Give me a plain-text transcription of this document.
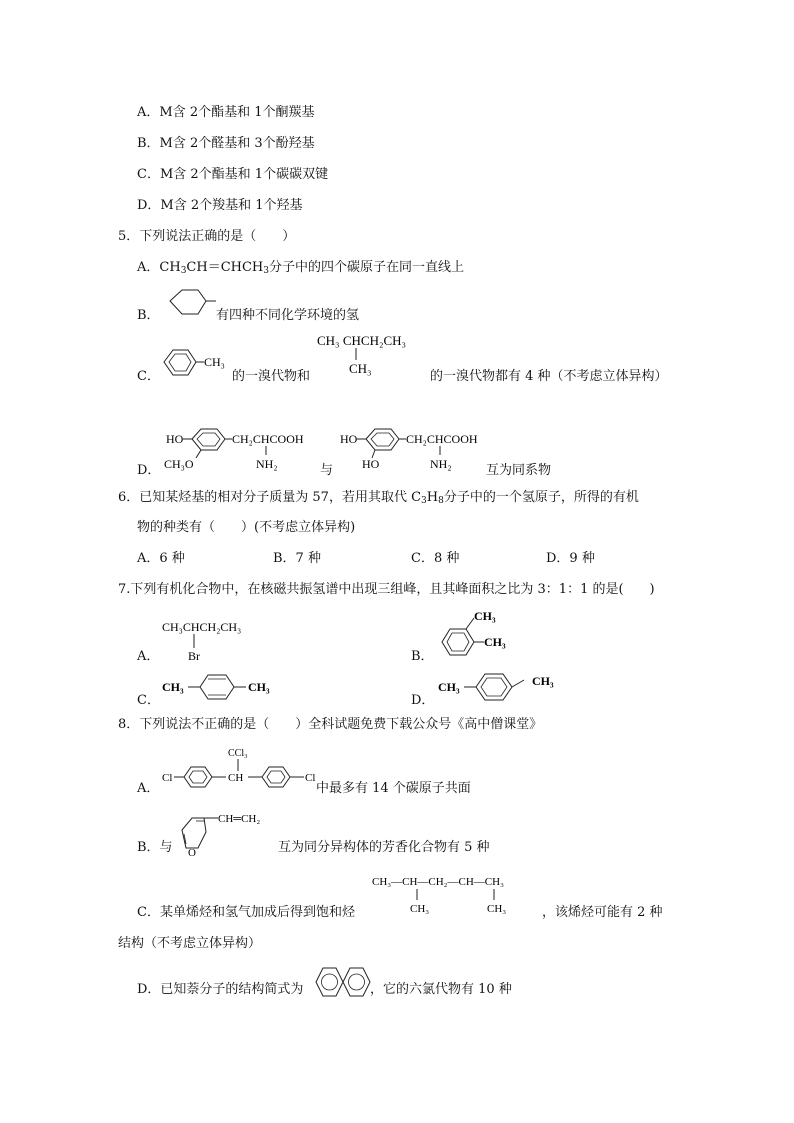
A．M含 2个酯基和 1个酮羰基
B．M含 2个醛基和 3个酚羟基
C．M含 2个酯基和 1个碳碳双键
D．M含 2个羧基和 1个羟基
5．下列说法正确的是（　　）
A．$CH_3CH=CHCH_3$分子中的四个碳原子在同一直线上
B．	有四种不同化学环境的氢
C．
CH₃
的一溴代物和
CH₃ CHCH₂CH₃
CH₃
的一溴代物都有 4 种（不考虑立体异构）
D．
HO	CH₂CHCOOH
NH₂
CH₃O	与
HO	CH₂CHCOOH
NH₂
HO	互为同系物
6．已知某烃基的相对分子质量为 57，若用其取代 $C_3H_8$分子中的一个氢原子，所得的有机
物的种类有（　　）(不考虑立体异构)
A．6 种	B．7 种	C．8 种	D．9 种
7.下列有机化合物中，在核磁共振氢谱中出现三组峰，且其峰面积之比为 3：1：1 的是(　　)
A．
CH₃CHCH₂CH₃
Br	B．
CH₃
CH₃
C．
CH₃	CH₃
D．
CH₃	CH₃
8．下列说法不正确的是（　　）全科试题免费下载公众号《高中僧课堂》
A．
CCl₃
Cl	CH	Cl
中最多有 14 个碳原子共面
B．与 O
CH═CH₂
互为同分异构体的芳香化合物有 5 种
C．某单烯烃和氢气加成后得到饱和烃
CH₃—CH—CH₂—CH—CH₃
CH₃	CH₃	，该烯烃可能有 2 种
结构（不考虑立体异构）
D．已知萘分子的结构简式为	，它的六氯代物有 10 种
